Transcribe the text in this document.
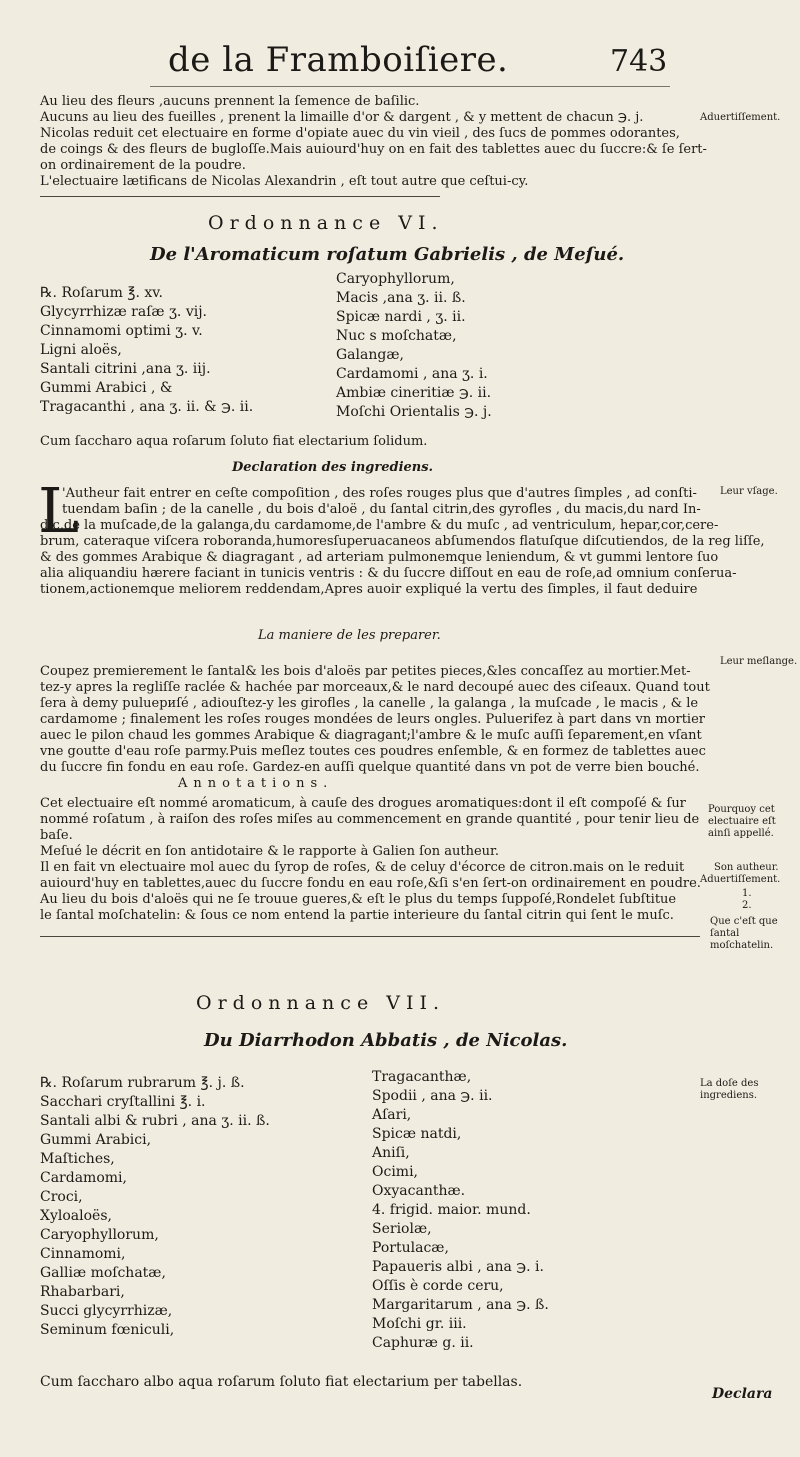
de la Framboiſiere.	743
Au lieu des fleurs ,aucuns prennent la ſemence de baſilic.
Aucuns au lieu des fueilles , prenent la limaille d'or & dargent , & y mettent de chacun ℈. j.
Nicolas reduit cet electuaire en forme d'opiate auec du vin vieil , des ſucs de pommes odorantes,
de coings & des fleurs de bugloſſe.Mais auiourd'huy on en fait des tablettes auec du ſuccre:& ſe ſert-
on ordinairement de la poudre.
L'electuaire lætificans de Nicolas Alexandrin , eſt tout autre que ceſtui-cy.
Aduertiſſement.
Ordonnance VI.
De l'Aromaticum roſatum Gabrielis , de Meſué.
℞. Roſarum ℥. xv.
Glycyrrhizæ raſæ ʒ. vij.
Cinnamomi optimi ʒ. v.
Ligni aloës,
Santali citrini ,ana ʒ. iij.
Gummi Arabici , &
Tragacanthi , ana ʒ. ii. & ℈. ii.
Caryophyllorum,
Macis ,ana ʒ. ii. ß.
Spicæ nardi , ʒ. ii.
Nuc s moſchatæ,
Galangæ,
Cardamomi , ana ʒ. i.
Ambiæ cineritiæ ℈. ii.
Moſchi Orientalis ℈. j.
Cum ſaccharo aqua roſarum ſoluto fiat electarium ſolidum.
Declaration des ingrediens.
L
'Autheur fait entrer en ceſte compoſition , des roſes rouges plus que d'autres ſimples , ad conſti-
tuendam baſin ; de la canelle , du bois d'aloë , du ſantal citrin,des gyrofles , du macis,du nard In-
dic,de la muſcade,de la galanga,du cardamome,de l'ambre & du muſc , ad ventriculum, hepar,cor,cere-
brum, cateraque viſcera roboranda,humoresſuperuacaneos abſumendos flatuſque diſcutiendos, de la reg liſſe,
& des gommes Arabique & diagragant , ad arteriam pulmonemque leniendum, & vt gummi lentore ſuo
alia aliquandiu hærere faciant in tunicis ventris : & du ſuccre diſſout en eau de roſe,ad omnium conſerua-
tionem,actionemque meliorem reddendam,Apres auoir expliqué la vertu des ſimples, il faut deduire
Leur vſage.
La maniere de les preparer.
Coupez premierement le ſantal& les bois d'aloës par petites pieces,&les concaſſez au mortier.Met-
tez-y apres la regliſſe raclée & hachée par morceaux,& le nard decoupé auec des ciſeaux. Quand tout
ſera à demy puluериſé , adiouſtez-y les girofles , la canelle , la galanga , la muſcade , le macis , & le
cardamome ; finalement les roſes rouges mondées de leurs ongles. Puluerifez à part dans vn mortier
auec le pilon chaud les gommes Arabique & diagragant;l'ambre & le muſc auſſi ſeparement,en vſant
vne goutte d'eau roſe parmy.Puis meſlez toutes ces poudres enſemble, & en formez de tablettes auec
du ſuccre fin fondu en eau roſe. Gardez-en auſſi quelque quantité dans vn pot de verre bien bouché.
Leur meſlange.
Annotations.
Cet electuaire eſt nommé aromaticum, à cauſe des drogues aromatiques:dont il eſt compoſé & ſur
nommé roſatum , à raiſon des roſes miſes au commencement en grande quantité , pour tenir lieu de
baſe.
Meſué le décrit en ſon antidotaire & le rapporte à Galien ſon autheur.
Il en fait vn electuaire mol auec du ſyrop de roſes, & de celuy d'écorce de citron.mais on le reduit
auiourd'huy en tablettes,auec du ſuccre fondu en eau roſe,&ſi s'en ſert-on ordinairement en poudre.
Au lieu du bois d'aloës qui ne ſe trouue gueres,& eſt le plus du temps ſuppoſé,Rondelet ſubſtitue
le ſantal moſchatelin: & ſous ce nom entend la partie interieure du ſantal citrin qui ſent le muſc.
Pourquoy cet electuaire eſt ainſi appellé.
Son autheur.
Aduertiſſement.
1.
2.
Que c'eſt que ſantal moſchatelin.
Ordonnance VII.
Du Diarrhodon Abbatis , de Nicolas.
℞. Roſarum rubrarum ℥. j. ß.
Sacchari cryſtallini ℥. i.
Santali albi & rubri , ana ʒ. ii. ß.
Gummi Arabici,
Maſtiches,
Cardamomi,
Croci,
Xyloaloës,
Caryophyllorum,
Cinnamomi,
Galliæ moſchatæ,
Rhabarbari,
Succi glycyrrhizæ,
Seminum fœniculi,
Tragacanthæ,
Spodii , ana ℈. ii.
Aſari,
Spicæ natdi,
Aniſi,
Ocimi,
Oxyacanthæ.
4. frigid. maior. mund.
Seriolæ,
Portulacæ,
Papaueris albi , ana ℈. i.
Oſſis è corde ceru,
Margaritarum , ana ℈. ß.
Moſchi gr. iii.
Caphuræ g. ii.
La doſe des ingrediens.
Cum ſaccharo albo aqua roſarum ſoluto fiat electarium per tabellas.
Declara
